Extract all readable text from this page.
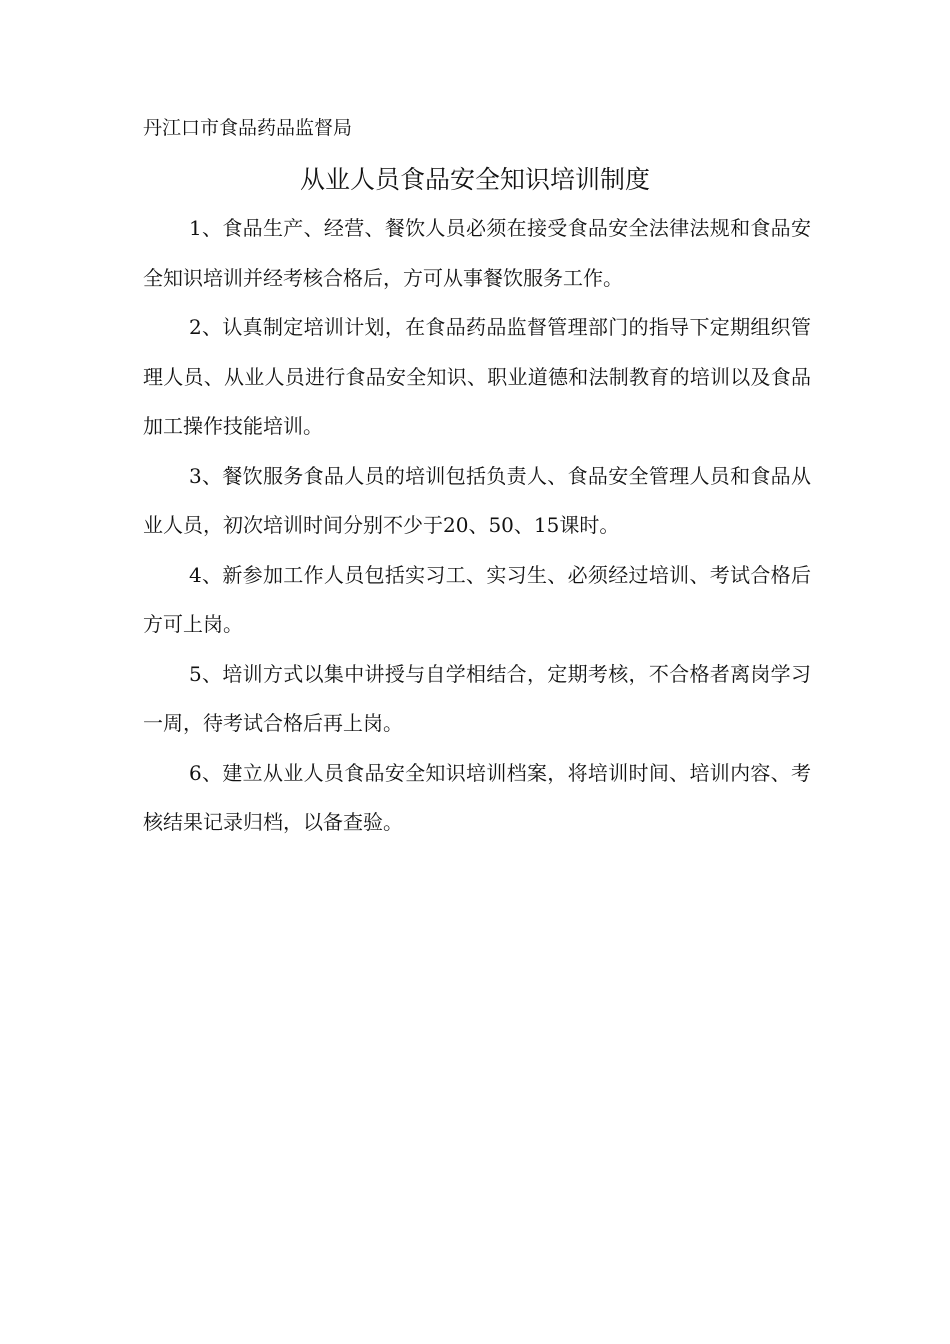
丹江口市食品药品监督局
从业人员食品安全知识培训制度

1、食品生产、经营、餐饮人员必须在接受食品安全法律法规和食品安全知识培训并经考核合格后，方可从事餐饮服务工作。

2、认真制定培训计划，在食品药品监督管理部门的指导下定期组织管理人员、从业人员进行食品安全知识、职业道德和法制教育的培训以及食品加工操作技能培训。

3、餐饮服务食品人员的培训包括负责人、食品安全管理人员和食品从业人员，初次培训时间分别不少于20、50、15课时。

4、新参加工作人员包括实习工、实习生、必须经过培训、考试合格后方可上岗。

5、培训方式以集中讲授与自学相结合，定期考核，不合格者离岗学习一周，待考试合格后再上岗。

6、建立从业人员食品安全知识培训档案，将培训时间、培训内容、考核结果记录归档，以备查验。
